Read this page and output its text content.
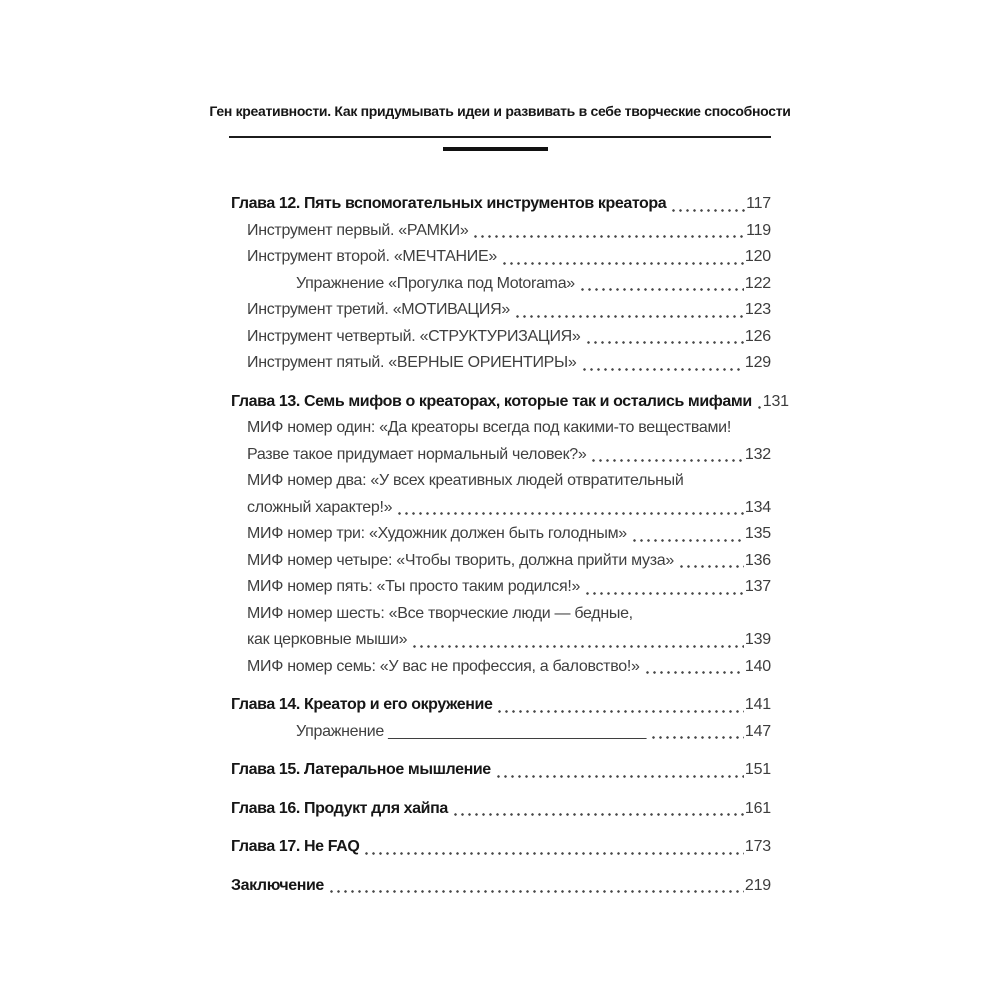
Ген креативности. Как придумывать идеи и развивать в себе творческие способности
Глава 12. Пять вспомогательных инструментов креатора	117
Инструмент первый. «РАМКИ»	119
Инструмент второй. «МЕЧТАНИЕ»	120
Упражнение «Прогулка под Motorama»	122
Инструмент третий. «МОТИВАЦИЯ»	123
Инструмент четвертый. «СТРУКТУРИЗАЦИЯ»	126
Инструмент пятый. «ВЕРНЫЕ ОРИЕНТИРЫ»	129
Глава 13. Семь мифов о креаторах, которые так и остались мифами 131
МИФ номер один: «Да креаторы всегда под какими-то веществами!
Разве такое придумает нормальный человек?»	132
МИФ номер два: «У всех креативных людей отвратительный
сложный характер!»	134
МИФ номер три: «Художник должен быть голодным»	135
МИФ номер четыре: «Чтобы творить, должна прийти муза»	136
МИФ номер пять: «Ты просто таким родился!»	137
МИФ номер шесть: «Все творческие люди — бедные,
как церковные мыши»	139
МИФ номер семь: «У вас не профессия, а баловство!»	140
Глава 14. Креатор и его окружение	141
Упражнение ______________________________	147
Глава 15. Латеральное мышление	151
Глава 16. Продукт для хайпа	161
Глава 17. Не FAQ	173
Заключение	219
